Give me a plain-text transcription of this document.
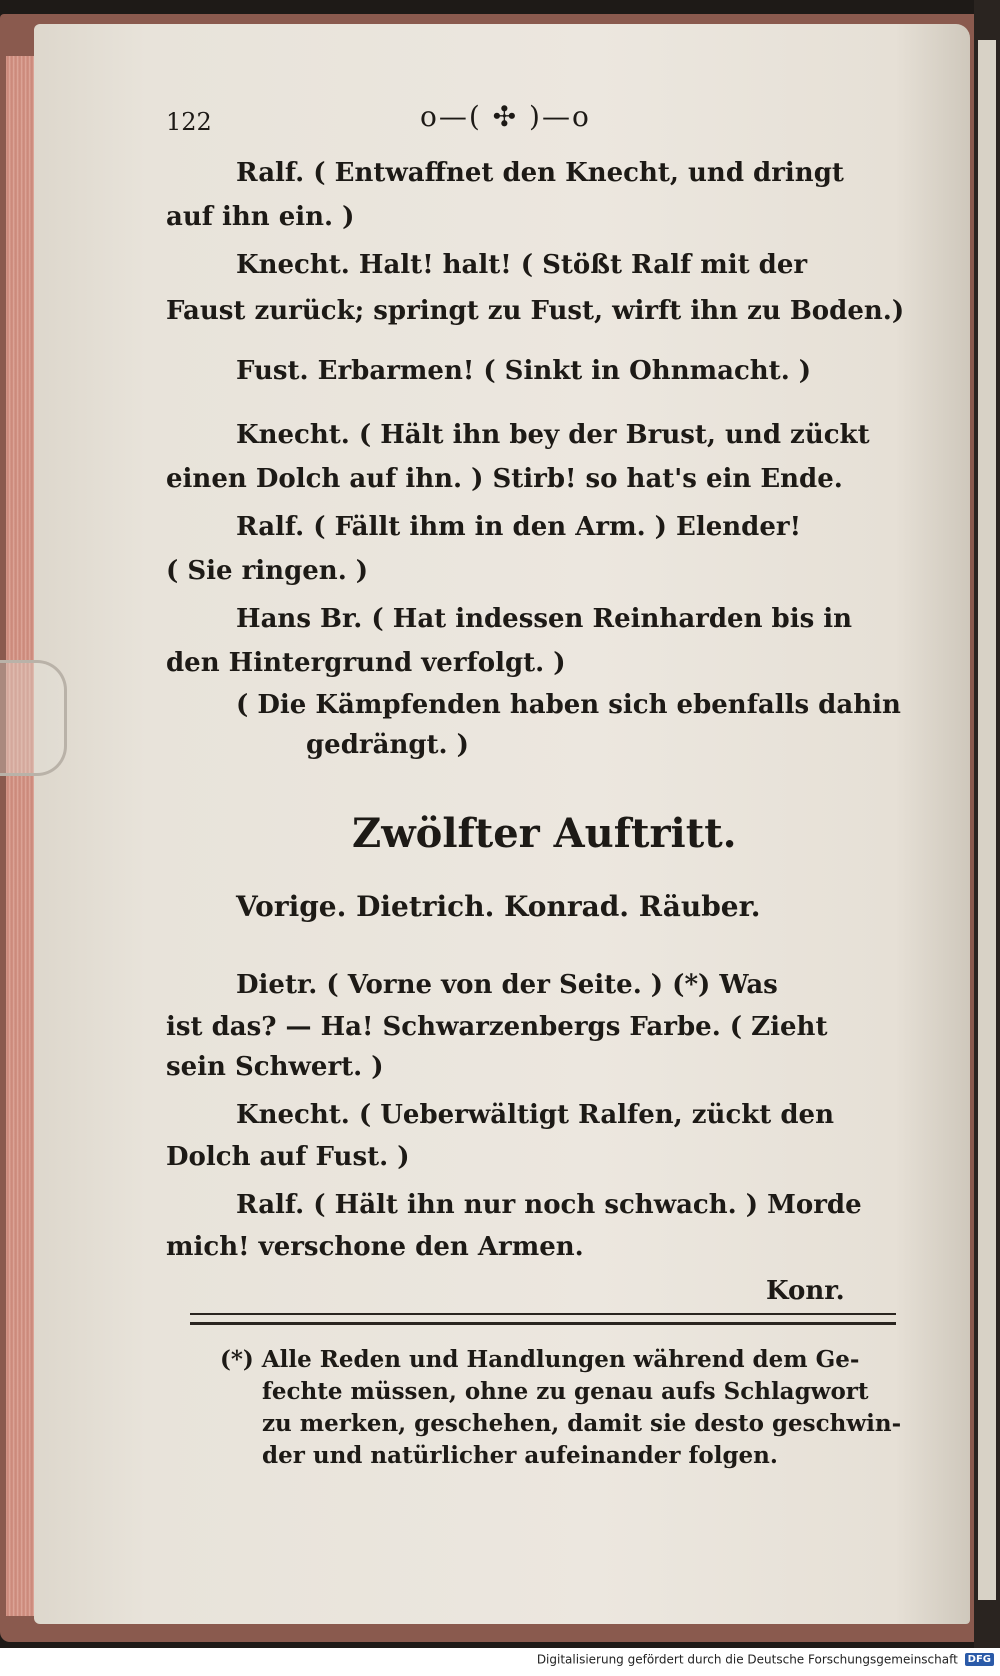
122	o—( ✣ )—o
Ralf. ( Entwaffnet den Knecht, und dringt
auf ihn ein. )
Knecht. Halt! halt! ( Stößt Ralf mit der
Faust zurück; springt zu Fust, wirft ihn zu Boden.)
Fust. Erbarmen! ( Sinkt in Ohnmacht. )
Knecht. ( Hält ihn bey der Brust, und zückt
einen Dolch auf ihn. ) Stirb! so hat's ein Ende.
Ralf. ( Fällt ihm in den Arm. ) Elender!
( Sie ringen. )
Hans Br. ( Hat indessen Reinharden bis in
den Hintergrund verfolgt. )
( Die Kämpfenden haben sich ebenfalls dahin
gedrängt. )
Zwölfter Auftritt.
Vorige. Dietrich. Konrad. Räuber.
Dietr. ( Vorne von der Seite. ) (*) Was
ist das? — Ha! Schwarzenbergs Farbe. ( Zieht
sein Schwert. )
Knecht. ( Ueberwältigt Ralfen, zückt den
Dolch auf Fust. )
Ralf. ( Hält ihn nur noch schwach. ) Morde
mich! verschone den Armen.
Konr.
(*) Alle Reden und Handlungen während dem Ge-
fechte müssen, ohne zu genau aufs Schlagwort
zu merken, geschehen, damit sie desto geschwin-
der und natürlicher aufeinander folgen.
Digitalisierung gefördert durch die Deutsche Forschungsgemeinschaft DFG
